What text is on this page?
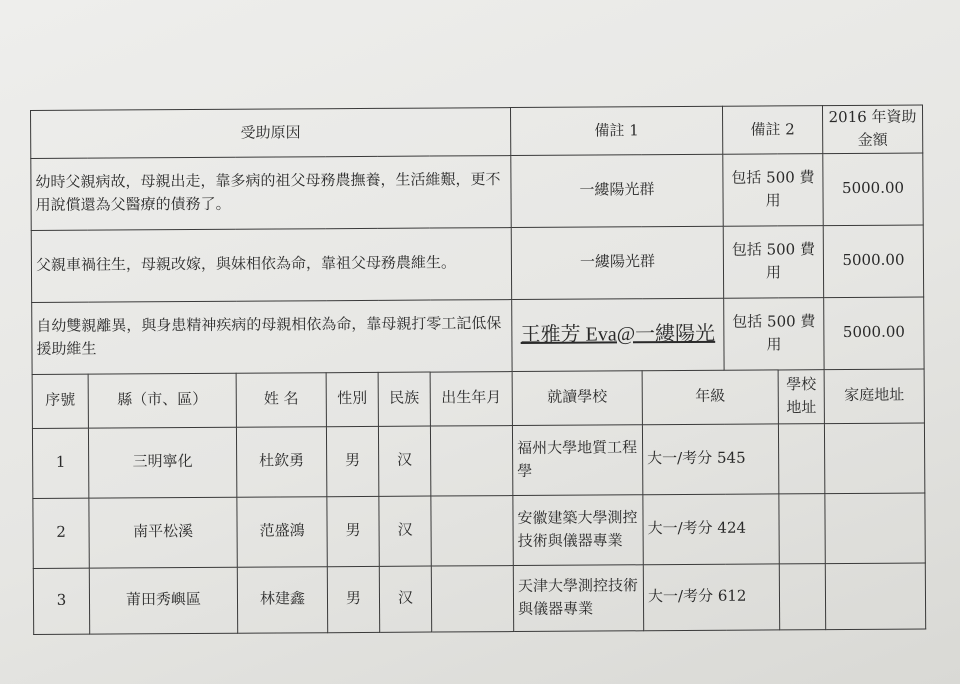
受助原因						備註 1		備註 2		2016 年資助金額
幼時父親病故，母親出走，靠多病的祖父母務農撫養，生活維艱，更不用說償還為父醫療的債務了。						一縷陽光群		包括 500 費用		5000.00
父親車禍往生，母親改嫁，與妹相依為命，靠祖父母務農維生。						一縷陽光群		包括 500 費用		5000.00
自幼雙親離異，與身患精神疾病的母親相依為命，靠母親打零工記低保援助維生						王雅芳 Eva@一縷陽光		包括 500 費用		5000.00
序號	縣（市、區）	姓 名	性別	民族	出生年月	就讀學校	年級		學校地址	家庭地址
1	三明寧化	杜欽勇	男	汉		福州大學地質工程學	大一/考分 545			
2	南平松溪	范盛鴻	男	汉		安徽建築大學測控技術與儀器專業	大一/考分 424			
3	莆田秀嶼區	林建鑫	男	汉		天津大學測控技術與儀器專業	大一/考分 612			
